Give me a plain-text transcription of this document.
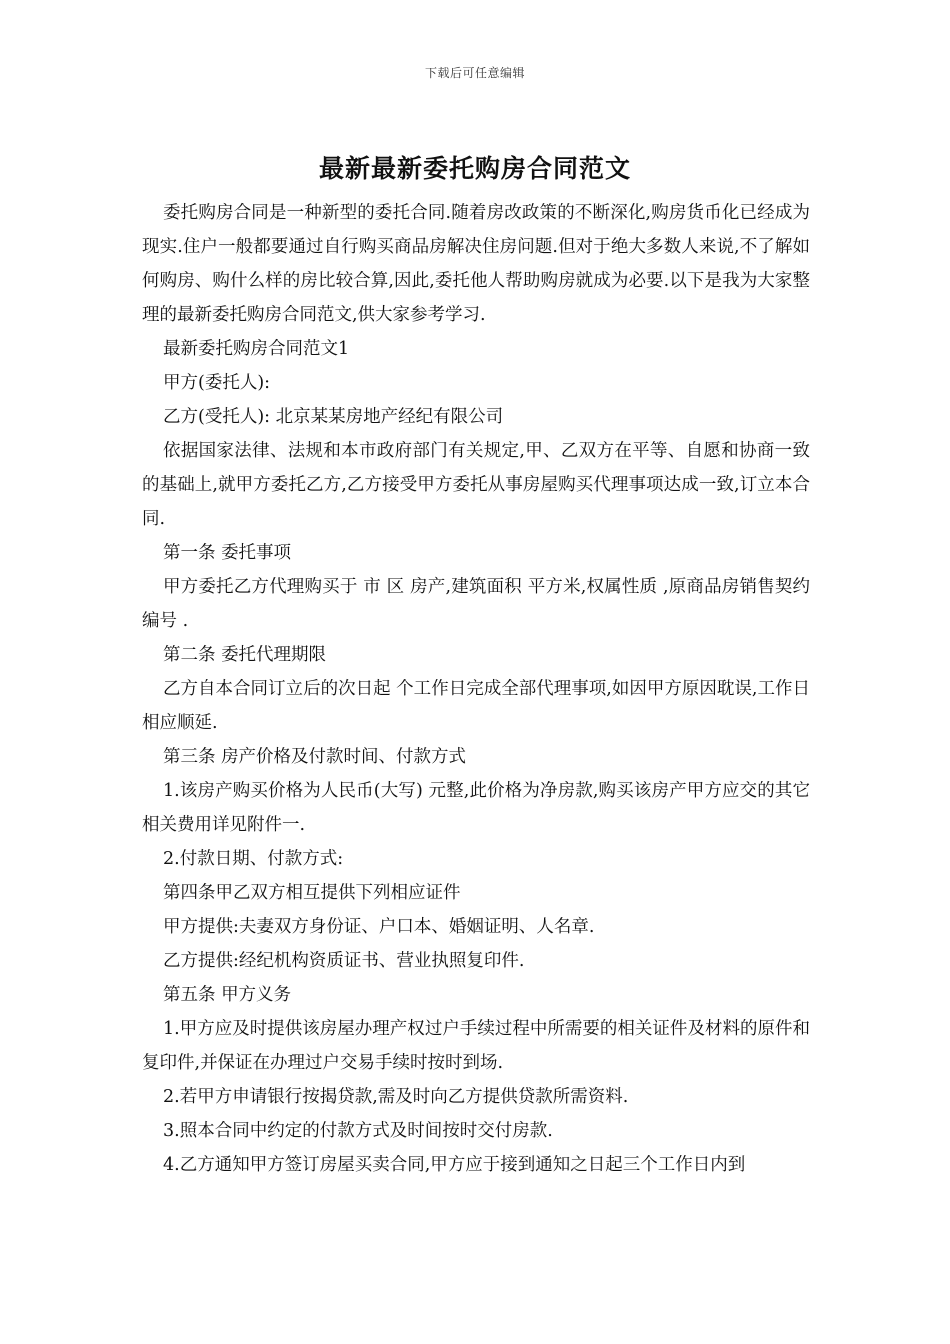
下载后可任意编辑
最新最新委托购房合同范文

委托购房合同是一种新型的委托合同.随着房改政策的不断深化,购房货币化已经成为现实.住户一般都要通过自行购买商品房解决住房问题.但对于绝大多数人来说,不了解如何购房、购什么样的房比较合算,因此,委托他人帮助购房就成为必要.以下是我为大家整理的最新委托购房合同范文,供大家参考学习.

最新委托购房合同范文1

甲方(委托人):

乙方(受托人): 北京某某房地产经纪有限公司

依据国家法律、法规和本市政府部门有关规定,甲、乙双方在平等、自愿和协商一致的基础上,就甲方委托乙方,乙方接受甲方委托从事房屋购买代理事项达成一致,订立本合同.

第一条 委托事项

甲方委托乙方代理购买于 市 区 房产,建筑面积 平方米,权属性质 ,原商品房销售契约编号 .

第二条 委托代理期限

乙方自本合同订立后的次日起 个工作日完成全部代理事项,如因甲方原因耽误,工作日相应顺延.

第三条 房产价格及付款时间、付款方式

1.该房产购买价格为人民币(大写) 元整,此价格为净房款,购买该房产甲方应交的其它相关费用详见附件一.

2.付款日期、付款方式:

第四条甲乙双方相互提供下列相应证件

甲方提供:夫妻双方身份证、户口本、婚姻证明、人名章.

乙方提供:经纪机构资质证书、营业执照复印件.

第五条 甲方义务

1.甲方应及时提供该房屋办理产权过户手续过程中所需要的相关证件及材料的原件和复印件,并保证在办理过户交易手续时按时到场.

2.若甲方申请银行按揭贷款,需及时向乙方提供贷款所需资料.

3.照本合同中约定的付款方式及时间按时交付房款.

4.乙方通知甲方签订房屋买卖合同,甲方应于接到通知之日起三个工作日内到
